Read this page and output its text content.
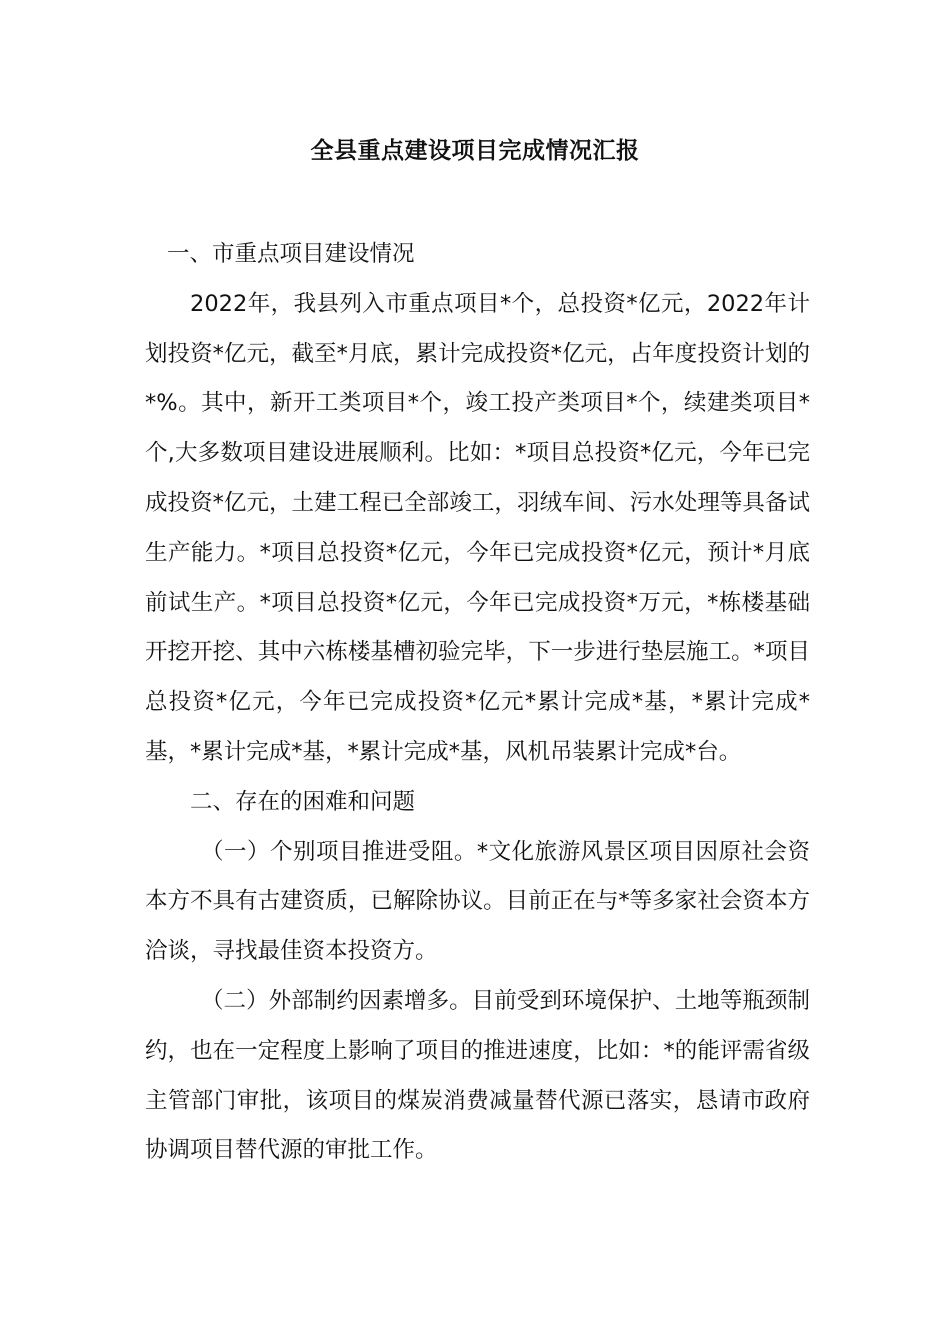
全县重点建设项目完成情况汇报

一、市重点项目建设情况

2022年，我县列入市重点项目*个，总投资*亿元，2022年计划投资*亿元，截至*月底，累计完成投资*亿元，占年度投资计划的*%。其中，新开工类项目*个，竣工投产类项目*个，续建类项目*个,大多数项目建设进展顺利。比如：*项目总投资*亿元，今年已完成投资*亿元，土建工程已全部竣工，羽绒车间、污水处理等具备试生产能力。*项目总投资*亿元，今年已完成投资*亿元，预计*月底前试生产。*项目总投资*亿元，今年已完成投资*万元，*栋楼基础开挖开挖、其中六栋楼基槽初验完毕，下一步进行垫层施工。*项目总投资*亿元，今年已完成投资*亿元*累计完成*基，*累计完成*基，*累计完成*基，*累计完成*基，风机吊装累计完成*台。

二、存在的困难和问题

（一）个别项目推进受阻。*文化旅游风景区项目因原社会资本方不具有古建资质，已解除协议。目前正在与*等多家社会资本方洽谈，寻找最佳资本投资方。

（二）外部制约因素增多。目前受到环境保护、土地等瓶颈制约，也在一定程度上影响了项目的推进速度，比如：*的能评需省级主管部门审批，该项目的煤炭消费减量替代源已落实，恳请市政府协调项目替代源的审批工作。
